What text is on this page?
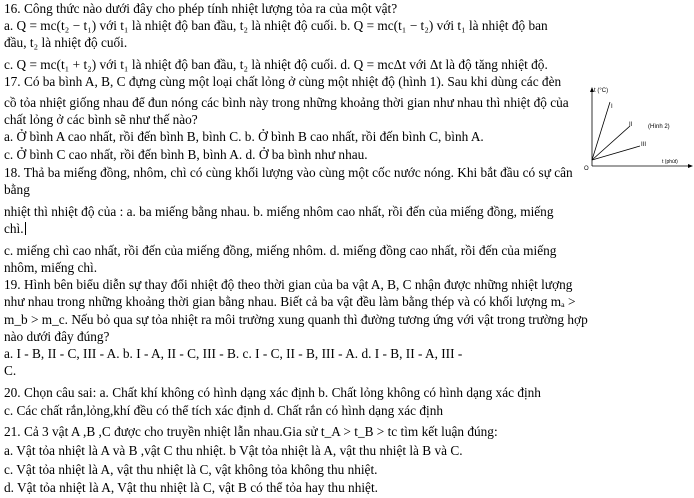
16. Công thức nào dưới đây cho phép tính nhiệt lượng tỏa ra của một vật?
a. Q = mc(t₂ − t₁) với t₁ là nhiệt độ ban đầu, t₂ là nhiệt độ cuối. b. Q = mc(t₁ − t₂) với t₁ là nhiệt độ ban
đầu, t₂ là nhiệt độ cuối.
c. Q = mc(t₁ + t₂) với t₁ là nhiệt độ ban đầu, t₂ là nhiệt độ cuối. d. Q = mcΔt với Δt là độ tăng nhiệt độ.
17. Có ba bình A, B, C đựng cùng một loại chất lỏng ở cùng một nhiệt độ (hình 1). Sau khi dùng các đèn
cồ tỏa nhiệt giống nhau để đun nóng các bình này trong những khoảng thời gian như nhau thì nhiệt độ của
chất lỏng ở các bình sẽ như thế nào?
a. Ở bình A cao nhất, rồi đến bình B, bình C. b. Ở bình B cao nhất, rồi đến bình C, bình A.
c. Ở bình C cao nhất, rồi đến bình B, bình A. d. Ở ba bình như nhau.
18. Thả ba miếng đồng, nhôm, chì có cùng khối lượng vào cùng một cốc nước nóng. Khi bắt đầu có sự cân
bằng
nhiệt thì nhiệt độ của : a. ba miếng bằng nhau. b. miếng nhôm cao nhất, rồi đến của miếng đồng, miếng
chì.
c. miếng chì cao nhất, rồi đến của miếng đồng, miếng nhôm. d. miếng đồng cao nhất, rồi đến của miếng
nhôm, miếng chì.
19. Hình bên biểu diễn sự thay đổi nhiệt độ theo thời gian của ba vật A, B, C nhận được những nhiệt lượng
như nhau trong những khoảng thời gian bằng nhau. Biết cả ba vật đều làm bằng thép và có khối lượng mₐ >
m_b > m_c. Nếu bỏ qua sự tỏa nhiệt ra môi trường xung quanh thì đường tương ứng với vật trong trường hợp
nào dưới đây đúng?
a. I - B, II - C, III - A. b. I - A, II - C, III - B. c. I - C, II - B, III - A. d. I - B, II - A, III -
C.
20. Chọn câu sai: a. Chất khí không có hình dạng xác định b. Chất lỏng không có hình dạng xác định
c. Các chất rắn,lỏng,khí đều có thể tích xác định d. Chất rắn có hình dạng xác định
21. Cả 3 vật A ,B ,C được cho truyền nhiệt lẫn nhau.Gia sử t_A > t_B > tc tìm kết luận đúng:
a. Vật tỏa nhiệt là A và B ,vật C thu nhiệt. b Vật tỏa nhiệt là A, vật thu nhiệt là B và C.
c. Vật tỏa nhiệt là A, vật thu nhiệt là C, vật không tỏa không thu nhiệt.
d. Vật tỏa nhiệt là A, Vật thu nhiệt là C, vật B có thể tỏa hay thu nhiệt.
t (°C)
t (phút)
O
I
II
III
(Hình 2)
